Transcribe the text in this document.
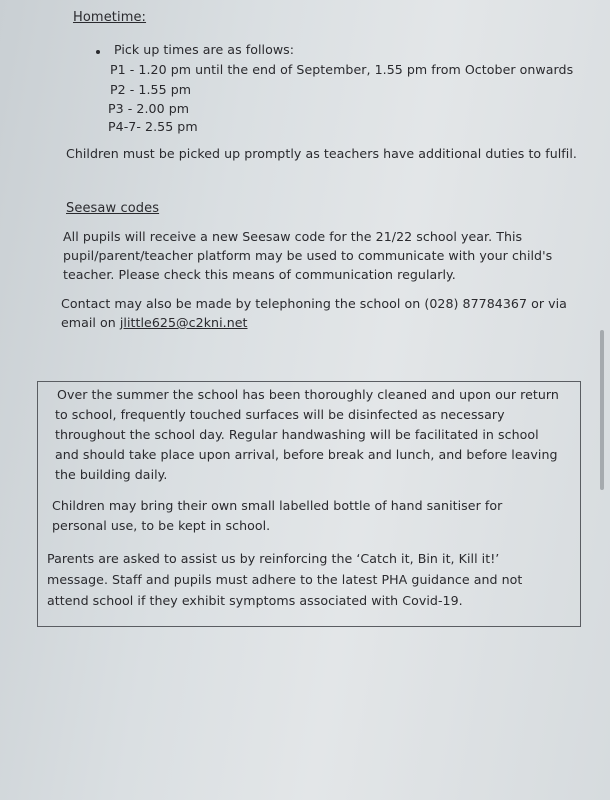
Hometime:
Pick up times are as follows:
P1 - 1.20 pm until the end of September, 1.55 pm from October onwards
P2 - 1.55 pm
P3 - 2.00 pm
P4-7- 2.55 pm
Children must be picked up promptly as teachers have additional duties to fulfil.
Seesaw codes
All pupils will receive a new Seesaw code for the 21/22 school year. This
pupil/parent/teacher platform may be used to communicate with your child's
teacher. Please check this means of communication regularly.
Contact may also be made by telephoning the school on (028) 87784367 or via
email on jlittle625@c2kni.net
Over the summer the school has been thoroughly cleaned and upon our return
to school, frequently touched surfaces will be disinfected as necessary
throughout the school day. Regular handwashing will be facilitated in school
and should take place upon arrival, before break and lunch, and before leaving
the building daily.
Children may bring their own small labelled bottle of hand sanitiser for
personal use, to be kept in school.
Parents are asked to assist us by reinforcing the ‘Catch it, Bin it, Kill it!’
message. Staff and pupils must adhere to the latest PHA guidance and not
attend school if they exhibit symptoms associated with Covid-19.
